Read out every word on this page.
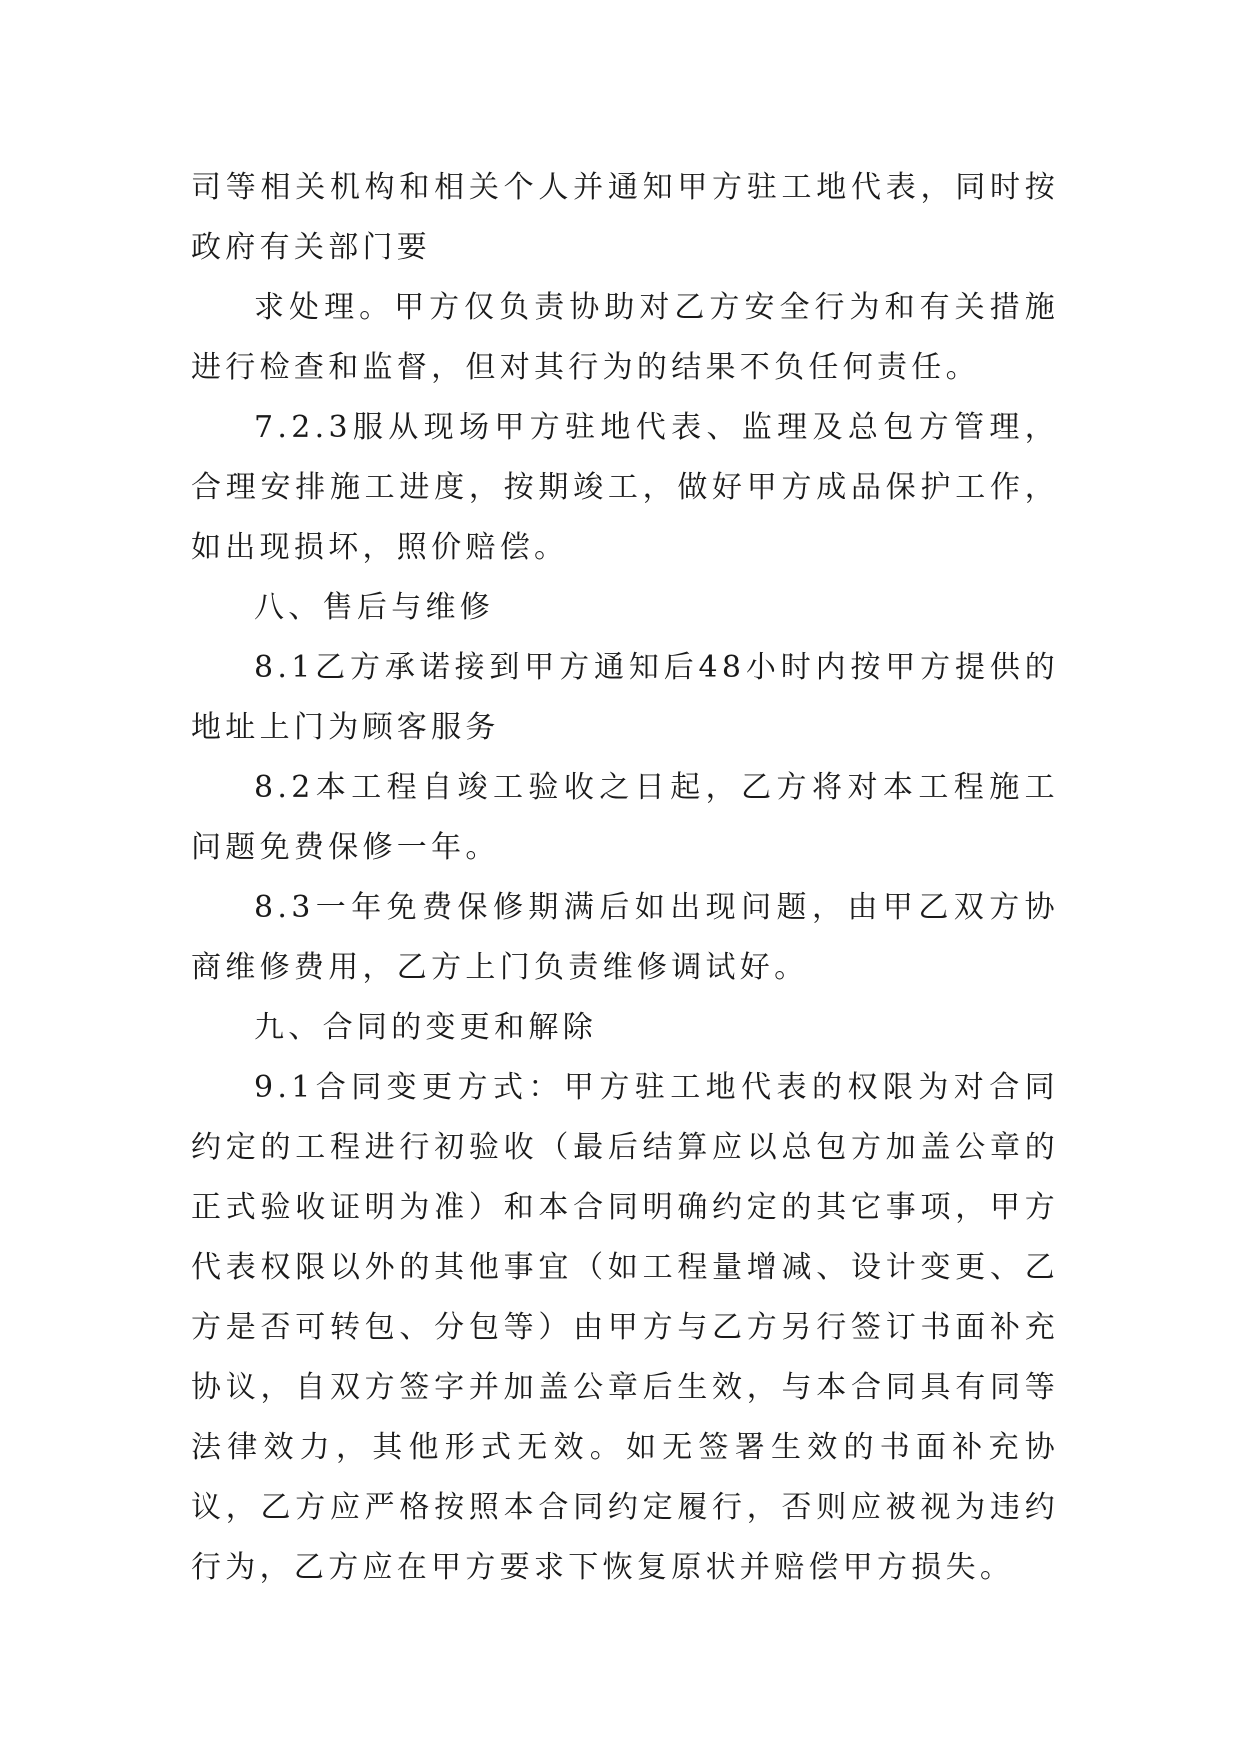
司等相关机构和相关个人并通知甲方驻工地代表，同时按政府有关部门要

求处理。甲方仅负责协助对乙方安全行为和有关措施进行检查和监督，但对其行为的结果不负任何责任。

7.2.3服从现场甲方驻地代表、监理及总包方管理，合理安排施工进度，按期竣工，做好甲方成品保护工作，如出现损坏，照价赔偿。

八、售后与维修

8.1乙方承诺接到甲方通知后48小时内按甲方提供的地址上门为顾客服务

8.2本工程自竣工验收之日起，乙方将对本工程施工问题免费保修一年。

8.3一年免费保修期满后如出现问题，由甲乙双方协商维修费用，乙方上门负责维修调试好。

九、合同的变更和解除

9.1合同变更方式：甲方驻工地代表的权限为对合同约定的工程进行初验收（最后结算应以总包方加盖公章的正式验收证明为准）和本合同明确约定的其它事项，甲方代表权限以外的其他事宜（如工程量增减、设计变更、乙方是否可转包、分包等）由甲方与乙方另行签订书面补充协议，自双方签字并加盖公章后生效，与本合同具有同等法律效力，其他形式无效。如无签署生效的书面补充协议，乙方应严格按照本合同约定履行，否则应被视为违约行为，乙方应在甲方要求下恢复原状并赔偿甲方损失。
